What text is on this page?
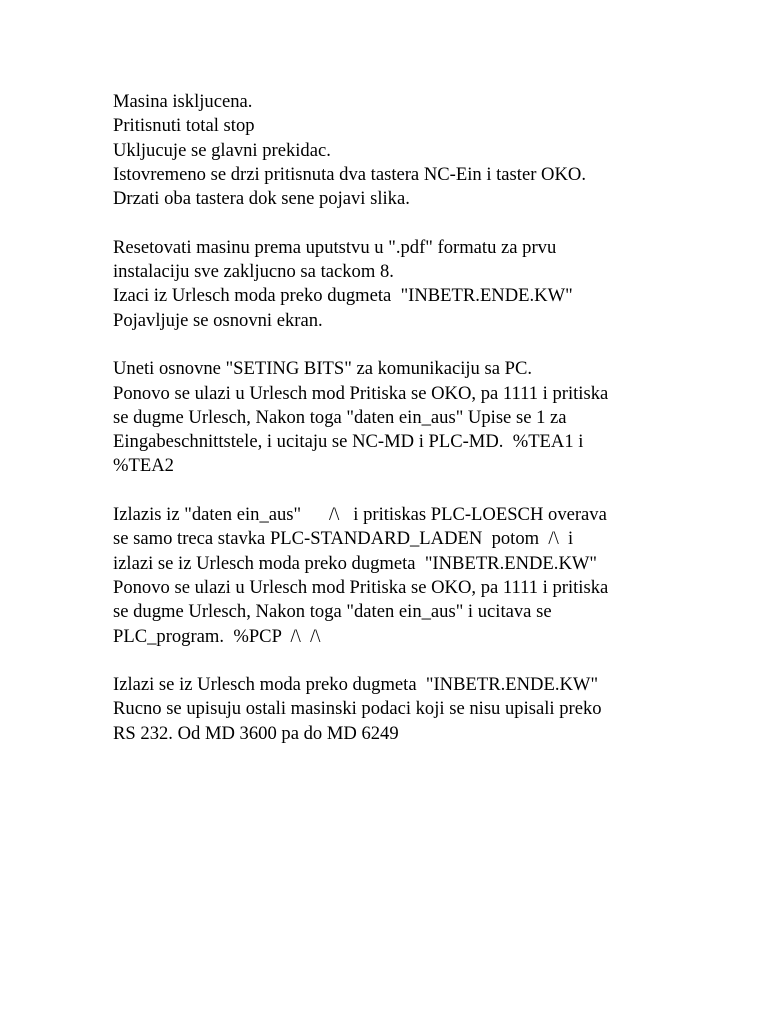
Masina iskljucena.
Pritisnuti total stop
Ukljucuje se glavni prekidac.
Istovremeno se drzi pritisnuta dva tastera NC-Ein i taster OKO.
Drzati oba tastera dok sene pojavi slika.
Resetovati masinu prema uputstvu u ".pdf" formatu za prvu
instalaciju sve zakljucno sa tackom 8.
Izaci iz Urlesch moda preko dugmeta  "INBETR.ENDE.KW"
Pojavljuje se osnovni ekran.
Uneti osnovne "SETING BITS" za komunikaciju sa PC.
Ponovo se ulazi u Urlesch mod Pritiska se OKO, pa 1111 i pritiska
se dugme Urlesch, Nakon toga "daten ein_aus" Upise se 1 za
Eingabeschnittstele, i ucitaju se NC-MD i PLC-MD.  %TEA1 i
%TEA2
Izlazis iz "daten ein_aus"      /\   i pritiskas PLC-LOESCH overava
se samo treca stavka PLC-STANDARD_LADEN  potom  /\  i
izlazi se iz Urlesch moda preko dugmeta  "INBETR.ENDE.KW"
Ponovo se ulazi u Urlesch mod Pritiska se OKO, pa 1111 i pritiska
se dugme Urlesch, Nakon toga "daten ein_aus" i ucitava se
PLC_program.  %PCP  /\  /\
Izlazi se iz Urlesch moda preko dugmeta  "INBETR.ENDE.KW"
Rucno se upisuju ostali masinski podaci koji se nisu upisali preko
RS 232. Od MD 3600 pa do MD 6249
